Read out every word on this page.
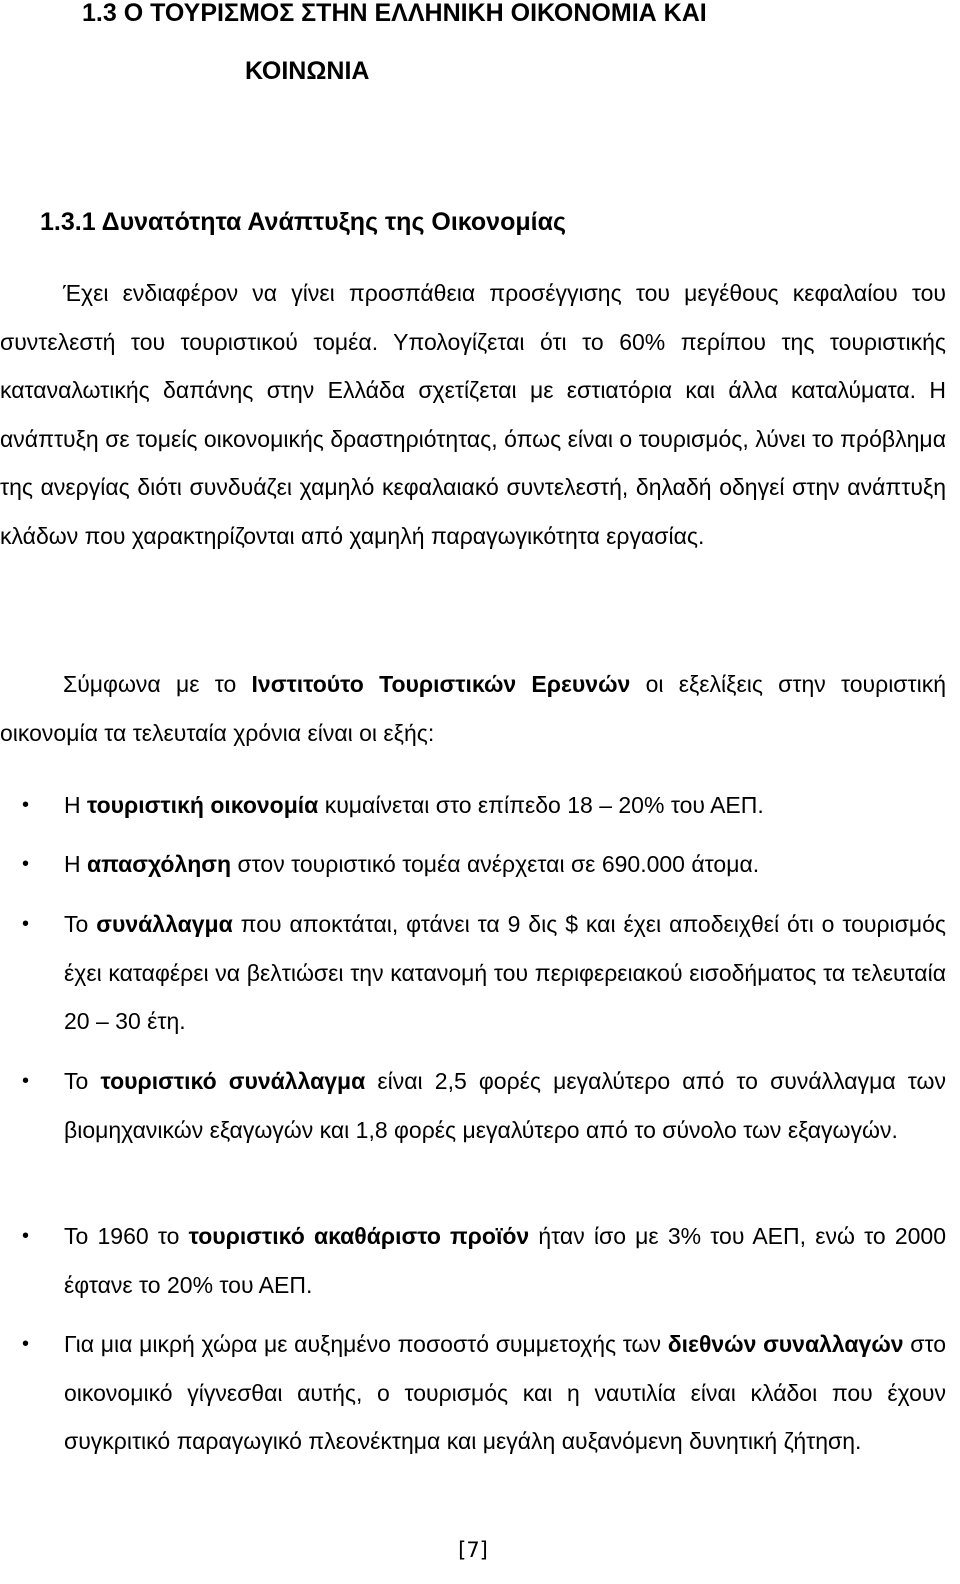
1.3 Ο ΤΟΥΡΙΣΜΟΣ ΣΤΗΝ ΕΛΛΗΝΙΚΗ ΟΙΚΟΝΟΜΙΑ ΚΑΙ
ΚΟΙΝΩΝΙΑ
1.3.1 Δυνατότητα Ανάπτυξης της Οικονομίας

Έχει ενδιαφέρον να γίνει προσπάθεια προσέγγισης του μεγέθους κεφαλαίου του συντελεστή του τουριστικού τομέα. Υπολογίζεται ότι το 60% περίπου της τουριστικής καταναλωτικής δαπάνης στην Ελλάδα σχετίζεται με εστιατόρια και άλλα καταλύματα. Η ανάπτυξη σε τομείς οικονομικής δραστηριότητας, όπως είναι ο τουρισμός, λύνει το πρόβλημα της ανεργίας διότι συνδυάζει χαμηλό κεφαλαιακό συντελεστή, δηλαδή οδηγεί στην ανάπτυξη κλάδων που χαρακτηρίζονται από χαμηλή παραγωγικότητα εργασίας.

Σύμφωνα με το Ινστιτούτο Τουριστικών Ερευνών οι εξελίξεις στην τουριστική οικονομία τα τελευταία χρόνια είναι οι εξής:

• Η τουριστική οικονομία κυμαίνεται στο επίπεδο 18 – 20% του ΑΕΠ.
• Η απασχόληση στον τουριστικό τομέα ανέρχεται σε 690.000 άτομα.
• Το συνάλλαγμα που αποκτάται, φτάνει τα 9 δις $ και έχει αποδειχθεί ότι ο τουρισμός έχει καταφέρει να βελτιώσει την κατανομή του περιφερειακού εισοδήματος τα τελευταία 20 – 30 έτη.
• Το τουριστικό συνάλλαγμα είναι 2,5 φορές μεγαλύτερο από το συνάλλαγμα των βιομηχανικών εξαγωγών και 1,8 φορές μεγαλύτερο από το σύνολο των εξαγωγών.
• Το 1960 το τουριστικό ακαθάριστο προϊόν ήταν ίσο με 3% του ΑΕΠ, ενώ το 2000 έφτανε το 20% του ΑΕΠ.
• Για μια μικρή χώρα με αυξημένο ποσοστό συμμετοχής των διεθνών συναλλαγών στο οικονομικό γίγνεσθαι αυτής, ο τουρισμός και η ναυτιλία είναι κλάδοι που έχουν συγκριτικό παραγωγικό πλεονέκτημα και μεγάλη αυξανόμενη δυνητική ζήτηση.
[7]
